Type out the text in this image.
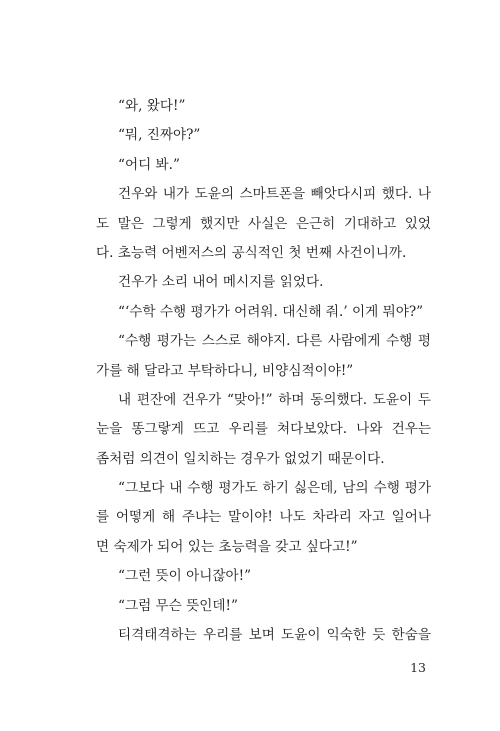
“와, 왔다!”
“뭐, 진짜야?”
“어디 봐.”
건우와 내가 도윤의 스마트폰을 빼앗다시피 했다. 나
도 말은 그렇게 했지만 사실은 은근히 기대하고 있었
다. 초능력 어벤저스의 공식적인 첫 번째 사건이니까.
건우가 소리 내어 메시지를 읽었다.
“‘수학 수행 평가가 어려워. 대신해 줘.’ 이게 뭐야?”
“수행 평가는 스스로 해야지. 다른 사람에게 수행 평
가를 해 달라고 부탁하다니, 비양심적이야!”
내 편잔에 건우가 “맞아!” 하며 동의했다. 도윤이 두
눈을 똥그랗게 뜨고 우리를 쳐다보았다. 나와 건우는
좀처럼 의견이 일치하는 경우가 없었기 때문이다.
“그보다 내 수행 평가도 하기 싫은데, 남의 수행 평가
를 어떻게 해 주냐는 말이야! 나도 차라리 자고 일어나
면 숙제가 되어 있는 초능력을 갖고 싶다고!”
“그런 뜻이 아니잖아!”
“그럼 무슨 뜻인데!”
티격태격하는 우리를 보며 도윤이 익숙한 듯 한숨을
13
